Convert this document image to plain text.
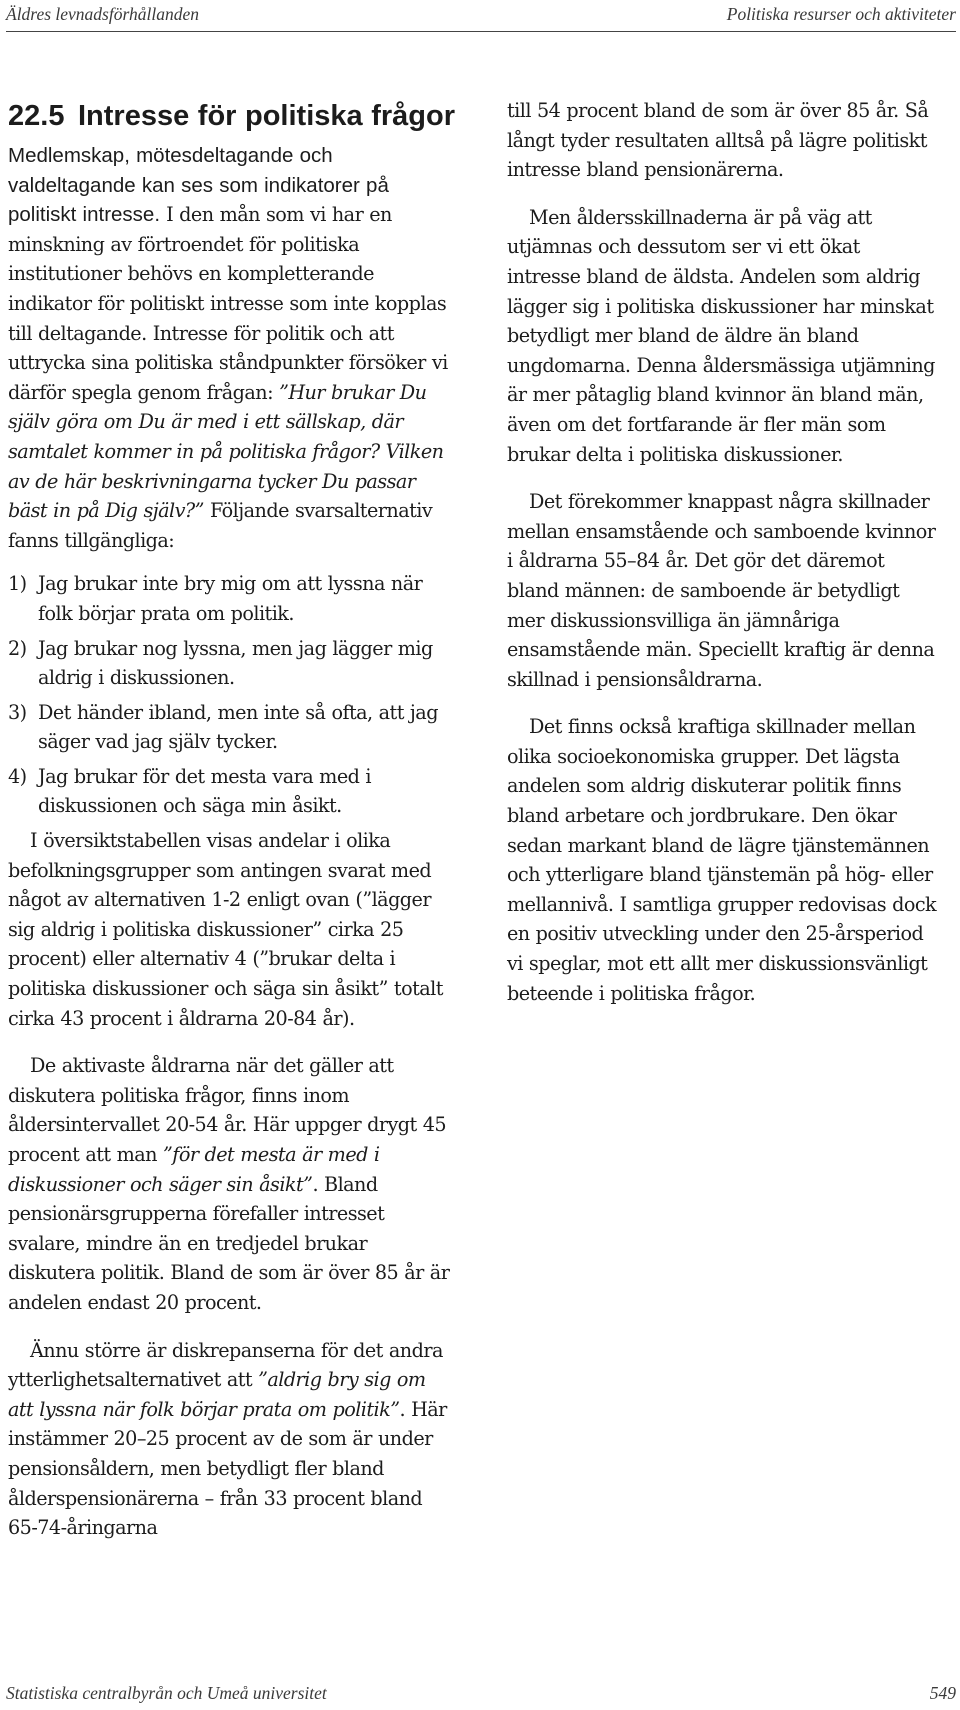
Äldres levnadsförhållanden	Politiska resurser och aktiviteter
22.5 Intresse för politiska frågor

Medlemskap, mötesdeltagande och valdeltagande kan ses som indikatorer på politiskt intresse. I den mån som vi har en minskning av förtroendet för politiska institutioner behövs en kompletterande indikator för politiskt intresse som inte kopplas till deltagande. Intresse för politik och att uttrycka sina politiska ståndpunkter försöker vi därför spegla genom frågan: ”Hur brukar Du själv göra om Du är med i ett sällskap, där samtalet kommer in på politiska frågor? Vilken av de här beskrivningarna tycker Du passar bäst in på Dig själv?” Följande svarsalternativ fanns tillgängliga:

1) Jag brukar inte bry mig om att lyssna när folk börjar prata om politik.
2) Jag brukar nog lyssna, men jag lägger mig aldrig i diskussionen.
3) Det händer ibland, men inte så ofta, att jag säger vad jag själv tycker.
4) Jag brukar för det mesta vara med i diskussionen och säga min åsikt.

I översiktstabellen visas andelar i olika befolkningsgrupper som antingen svarat med något av alternativen 1-2 enligt ovan (”lägger sig aldrig i politiska diskussioner” cirka 25 procent) eller alternativ 4 (”brukar delta i politiska diskussioner och säga sin åsikt” totalt cirka 43 procent i åldrarna 20-84 år).

De aktivaste åldrarna när det gäller att diskutera politiska frågor, finns inom åldersintervallet 20-54 år. Här uppger drygt 45 procent att man ”för det mesta är med i diskussioner och säger sin åsikt”. Bland pensionärsgrupperna förefaller intresset svalare, mindre än en tredjedel brukar diskutera politik. Bland de som är över 85 år är andelen endast 20 procent.

Ännu större är diskrepanserna för det andra ytterlighetsalternativet att ”aldrig bry sig om att lyssna när folk börjar prata om politik”. Här instämmer 20–25 procent av de som är under pensionsåldern, men betydligt fler bland ålderspensionärerna – från 33 procent bland 65-74-åringarna

till 54 procent bland de som är över 85 år. Så långt tyder resultaten alltså på lägre politiskt intresse bland pensionärerna.

Men åldersskillnaderna är på väg att utjämnas och dessutom ser vi ett ökat intresse bland de äldsta. Andelen som aldrig lägger sig i politiska diskussioner har minskat betydligt mer bland de äldre än bland ungdomarna. Denna åldersmässiga utjämning är mer påtaglig bland kvinnor än bland män, även om det fortfarande är fler män som brukar delta i politiska diskussioner.

Det förekommer knappast några skillnader mellan ensamstående och samboende kvinnor i åldrarna 55–84 år. Det gör det däremot bland männen: de samboende är betydligt mer diskussionsvilliga än jämnåriga ensamstående män. Speciellt kraftig är denna skillnad i pensionsåldrarna.

Det finns också kraftiga skillnader mellan olika socioekonomiska grupper. Det lägsta andelen som aldrig diskuterar politik finns bland arbetare och jordbrukare. Den ökar sedan markant bland de lägre tjänstemännen och ytterligare bland tjänstemän på hög- eller mellannivå. I samtliga grupper redovisas dock en positiv utveckling under den 25-årsperiod vi speglar, mot ett allt mer diskussionsvänligt beteende i politiska frågor.

Statistiska centralbyrån och Umeå universitet	549
